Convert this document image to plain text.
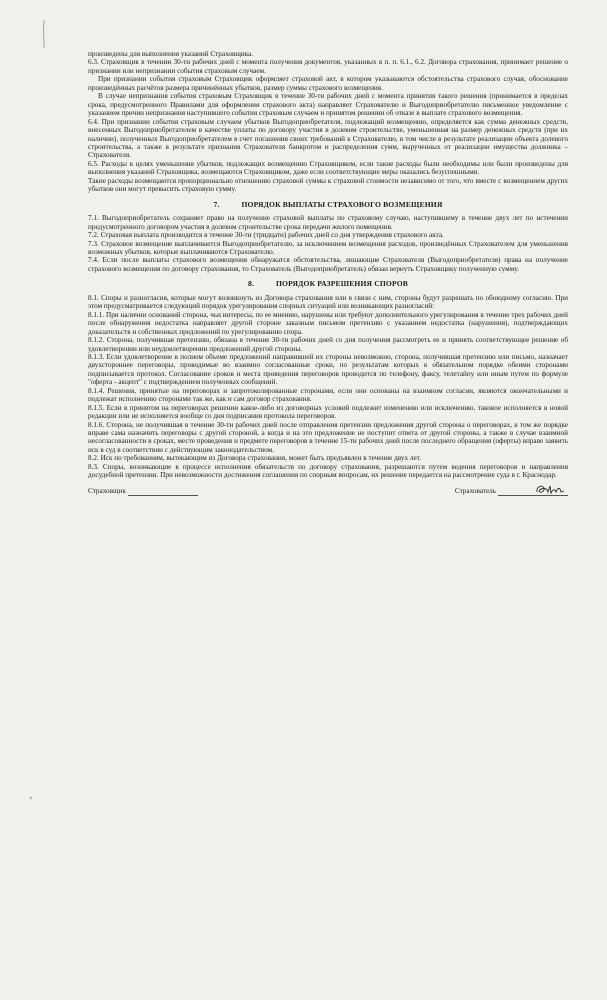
произведены для выполнения указаний Страховщика.

6.3. Страховщик в течении 30-ти рабочих дней с момента получения документов, указанных в п. п. 6.1., 6.2. Договора страхования, принимает решение о признании или непризнании события страховым случаем.

При признании события страховым Страховщик оформляет страховой акт, в котором указываются обстоятельства страхового случая, обоснование произведённых расчётов размера причинённых убытков, размер суммы страхового возмещения.

В случае непризнания события страховым Страховщик в течение 30-ти рабочих дней с момента принятия такого решения (принимается в пределах срока, предусмотренного Правилами для оформления страхового акта) направляет Страхователю и Выгодоприобретателю письменное уведомление с указанием причин непризнания наступившего события страховым случаем и принятом решении об отказе в выплате страхового возмещения.

6.4. При признании события страховым случаем убытков Выгодоприобретателя, подлежащий возмещению, определяется как сумма денежных средств, внесенных Выгодоприобретателем в качестве уплаты по договору участия в долевом строительстве, уменьшенная на размер денежных средств (при их наличии), полученных Выгодоприобретателем в счет погашения своих требований к Страхователю, в том числе в результате реализации объекта долевого строительства, а также в результате признания Страхователя банкротом и распределения сумм, вырученных от реализации имущества должника – Страхователя.

6.5. Расходы в целях уменьшения убытков, подлежащих возмещению Страховщиком, если такие расходы были необходимы или были произведены для выполнения указаний Страховщика, возмещаются Страховщиком, даже если соответствующие меры оказались безуспешными.

Такие расходы возмещаются пропорционально отношению страховой суммы к страховой стоимости независимо от того, что вместе с возмещением других убытков они могут превысить страховую сумму.

7.	ПОРЯДОК ВЫПЛАТЫ СТРАХОВОГО ВОЗМЕЩЕНИЯ

7.1. Выгодоприобретатель сохраняет право на получение страховой выплаты по страховому случаю, наступившему в течение двух лет по истечении предусмотренного договором участия в долевом строительстве срока передачи жилого помещения.

7.2. Страховая выплата производится в течение 30-ти (тридцати) рабочих дней со дня утверждения страхового акта.

7.3. Страховое возмещение выплачивается Выгодоприобретателю, за исключением возмещения расходов, произведённых Страхователем для уменьшения возможных убытков, которые выплачиваются Страхователю.

7.4. Если после выплаты страхового возмещения обнаружатся обстоятельства, лишающие Страхователя (Выгодоприобретателя) права на получение страхового возмещения по договору страхования, то Страхователь (Выгодоприобретатель) обязан вернуть Страховщику полученную сумму.

8.	ПОРЯДОК РАЗРЕШЕНИЯ СПОРОВ

8.1. Споры и разногласия, которые могут возникнуть из Договора страхования или в связи с ним, стороны будут разрешать по обоюдному согласию. При этом предусматривается следующий порядок урегулирования спорных ситуаций или возникающих разногласий:

8.1.1. При наличии оснований сторона, чьи интересы, по ее мнению, нарушены или требуют дополнительного урегулирования в течение трех рабочих дней после обнаружения недостатка направляет другой стороне заказным письмом претензию с указанием недостатка (нарушения), подтверждающих доказательств и собственных предложений по урегулированию спора.

8.1.2. Сторона, получившая претензию, обязана в течение 30-ти рабочих дней со дня получения рассмотреть ее и принять соответствующее решение об удовлетворении или неудовлетворении предложений другой стороны.

8.1.3. Если удовлетворение в полном объеме предложений направившей их стороны невозможно, сторона, получившая претензию или письмо, назначает двухстороннее переговоры, проводимые во взаимно согласованные сроки, по результатам которых в обязательном порядке обеими сторонами подписывается протокол. Согласование сроков и места проведения переговоров проводится по телефону, факсу, телетайпу или иным путем по формуле "оферта - акцепт" с подтверждением полученных сообщений.

8.1.4. Решения, принятые на переговорах и запротоколированные сторонами, если они основаны на взаимном согласии, являются окончательными и подлежат исполнению сторонами так же, как и сам договор страхования.

8.1.5. Если в принятом на переговорах решении какое-либо из договорных условий подлежит изменению или исключению, таковое исполняется в новой редакции или не исполняется вообще со дня подписания протокола переговоров.

8.1.6. Сторона, не получившая в течение 30-ти рабочих дней после отправления претензии предложения другой стороны о переговорах, в том же порядке вправе сама назначить переговоры с другой стороной, а когда и на это предложение не поступит ответа от другой стороны, а также в случае взаимной несогласованности в сроках, месте проведения и предмете переговоров в течение 15-ти рабочих дней после последнего обращения (оферты) вправе заявить иск в суд в соответствии с действующим законодательством.

8.2. Иск по требованиям, вытекающим из Договора страхования, может быть предъявлен в течение двух лет.

8.3. Споры, возникающие в процессе исполнения обязательств по договору страхования, разрешаются путем ведения переговоров и направления досудебной претензии. При невозможности достижения соглашения по спорным вопросам, их решение передается на рассмотрение суда в г. Краснодар.

Страховщик	Страхователь
